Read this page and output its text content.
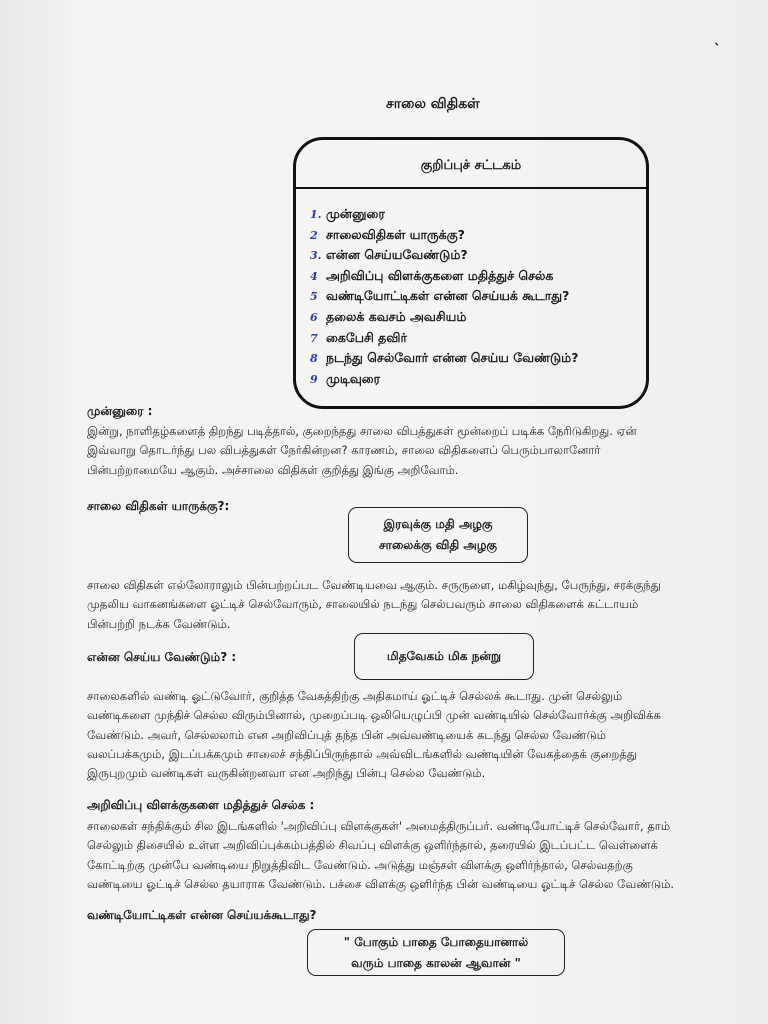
ˎ
சாலை விதிகள்
குறிப்புச் சட்டகம்
1. முன்னுரை
2 சாலைவிதிகள் யாருக்கு?
3. என்ன செய்யவேண்டும்?
4 அறிவிப்பு விளக்குகளை மதித்துச் செல்க
5 வண்டியோட்டிகள் என்ன செய்யக் கூடாது?
6 தலைக் கவசம் அவசியம்
7 கைபேசி தவிர்
8 நடந்து செல்வோர் என்ன செய்ய வேண்டும்?
9 முடிவுரை
முன்னுரை :
இன்று, நாளிதழ்களைத் திறந்து படித்தால், குறைந்தது சாலை விபத்துகள் மூன்றைப் படிக்க நேரிடுகிறது. ஏன்
இவ்வாறு தொடர்ந்து பல விபத்துகள் நேர்கின்றன? காரணம், சாலை விதிகளைப் பெரும்பாலானோர்
பின்பற்றாமையே ஆகும். அச்சாலை விதிகள் குறித்து இங்கு அறிவோம்.
சாலை விதிகள் யாருக்கு?:
இரவுக்கு மதி அழகு
சாலைக்கு விதி அழகு
சாலை விதிகள் எல்லோராலும் பின்பற்றப்பட வேண்டியவை ஆகும். சருருளை, மகிழ்வுந்து, பேருந்து, சரக்குந்து
முதலிய வாகனங்களை ஓட்டிச் செல்வோரும், சாலையில் நடந்து செல்பவரும் சாலை விதிகளைக் கட்டாயம்
பின்பற்றி நடக்க வேண்டும்.
என்ன செய்ய வேண்டும்? :	மிதவேகம் மிக நன்று
சாலைகளில் வண்டி ஓட்டுவோர், குறித்த வேகத்திற்கு அதிகமாய் ஓட்டிச் செல்லக் கூடாது. முன் செல்லும்
வண்டிகளை முந்திச் செல்ல விரும்பினால், முறைப்படி ஒலியெழுப்பி முன் வண்டியில் செல்வோர்க்கு அறிவிக்க
வேண்டும். அவர், செல்லலாம் என அறிவிப்புத் தந்த பின் அவ்வண்டியைக் கடந்து செல்ல வேண்டும்
வலப்பக்கமும், இடப்பக்கமும் சாலைச் சந்திப்பிருந்தால் அவ்விடங்களில் வண்டியின் வேகத்தைக் குறைத்து
இருபுறமும் வண்டிகள் வருகின்றனவா என அறிந்து பின்பு செல்ல வேண்டும்.
அறிவிப்பு விளக்குகளை மதித்துச் செல்க :
சாலைகள் சந்திக்கும் சில இடங்களில் 'அறிவிப்பு விளக்குகள்' அமைத்திருப்பர். வண்டியோட்டிச் செல்வோர், தாம்
செல்லும் திசையில் உள்ள அறிவிப்புக்கம்பத்தில் சிவப்பு விளக்கு ஒளிர்ந்தால், தரையில் இடப்பட்ட வெள்ளைக்
கோட்டிற்கு முன்பே வண்டியை நிறுத்திவிட வேண்டும். அடுத்து மஞ்சள் விளக்கு ஒளிர்ந்தால், செல்வதற்கு
வண்டியை ஓட்டிச் செல்ல தயாராக வேண்டும். பச்சை விளக்கு ஒளிர்ந்த பின் வண்டியை ஓட்டிச் செல்ல வேண்டும்.
வண்டியோட்டிகள் என்ன செய்யக்கூடாது?
" போகும் பாதை போதையானால்
வரும் பாதை காலன் ஆவான் "
